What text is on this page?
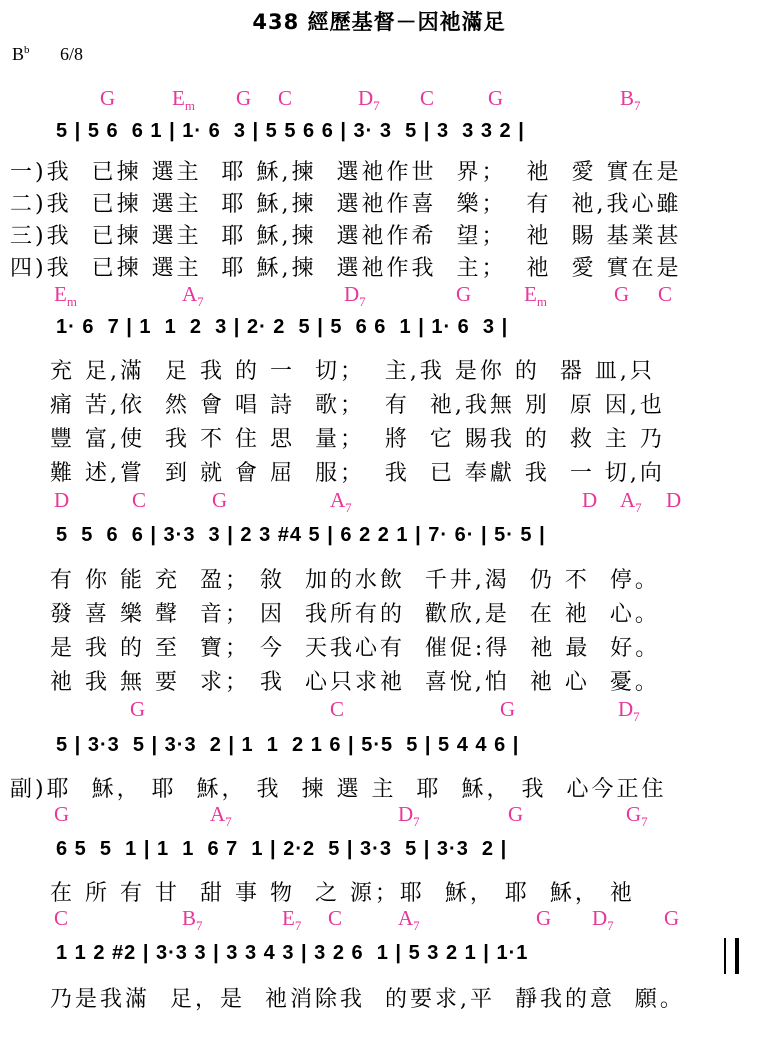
438 經歷基督－因祂滿足
$B^b$ 6/8
G	$E_m$ G C	$D_7$ C	G	$B_7$
5 | 5 6  6 1 | 1· 6  3 | 5 5 6 6 | 3· 3  5 | 3  3 3 2 |
一)我  已揀 選主  耶 穌,揀  選祂作世  界；  祂  愛 實在是
二)我  已揀 選主  耶 穌,揀  選祂作喜  樂；  有  祂,我心雖
三)我  已揀 選主  耶 穌,揀  選祂作希  望；  祂  賜 基業甚
四)我  已揀 選主  耶 穌,揀  選祂作我  主；  祂  愛 實在是
$E_m$	$A_7$	$D_7$	G	$E_m$	G C
1· 6  7 | 1  1  2  3 | 2· 2  5 | 5  6 6  1 | 1· 6  3 |
充 足,滿  足 我 的 一  切；  主,我 是你 的  器 皿,只
痛 苦,依  然 會 唱 詩  歌；  有  祂,我無 別  原 因,也
豐 富,使  我 不 住 思  量；  將  它 賜我 的  救 主 乃
難 述,嘗  到 就 會 屈  服；  我  已 奉獻 我  一 切,向
D	C	G	$A_7$	D $A_7$ D
5  5  6  6 | 3·3  3 | 2 3 #4 5 | 6 2 2 1 | 7· 6· | 5· 5 |
有 你 能 充  盈； 敘  加的水飲  千井,渴  仍 不  停。
發 喜 樂 聲  音； 因  我所有的  歡欣,是  在 祂  心。
是 我 的 至  寶； 今  天我心有  催促:得  祂 最  好。
祂 我 無 要  求； 我  心只求祂  喜悅,怕  祂 心  憂。
G	C	G	$D_7$
5 | 3·3  5 | 3·3  2 | 1  1  2 1 6 | 5·5  5 | 5 4 4 6 |
副)耶  穌， 耶  穌， 我  揀 選 主  耶  穌， 我  心今正住
G	$A_7$	$D_7$	G	$G_7$
6 5  5  1 | 1  1  6 7  1 | 2·2  5 | 3·3  5 | 3·3  2 |
在 所 有 甘  甜 事 物  之 源；耶  穌， 耶  穌， 祂
C	$B_7$	$E_7$ C	$A_7$	G $D_7$ G
1 1 2 #2 | 3·3 3 | 3 3 4 3 | 3 2 6  1 | 5 3 2 1 | 1·1
乃是我滿  足，是  祂消除我  的要求,平  靜我的意  願。
